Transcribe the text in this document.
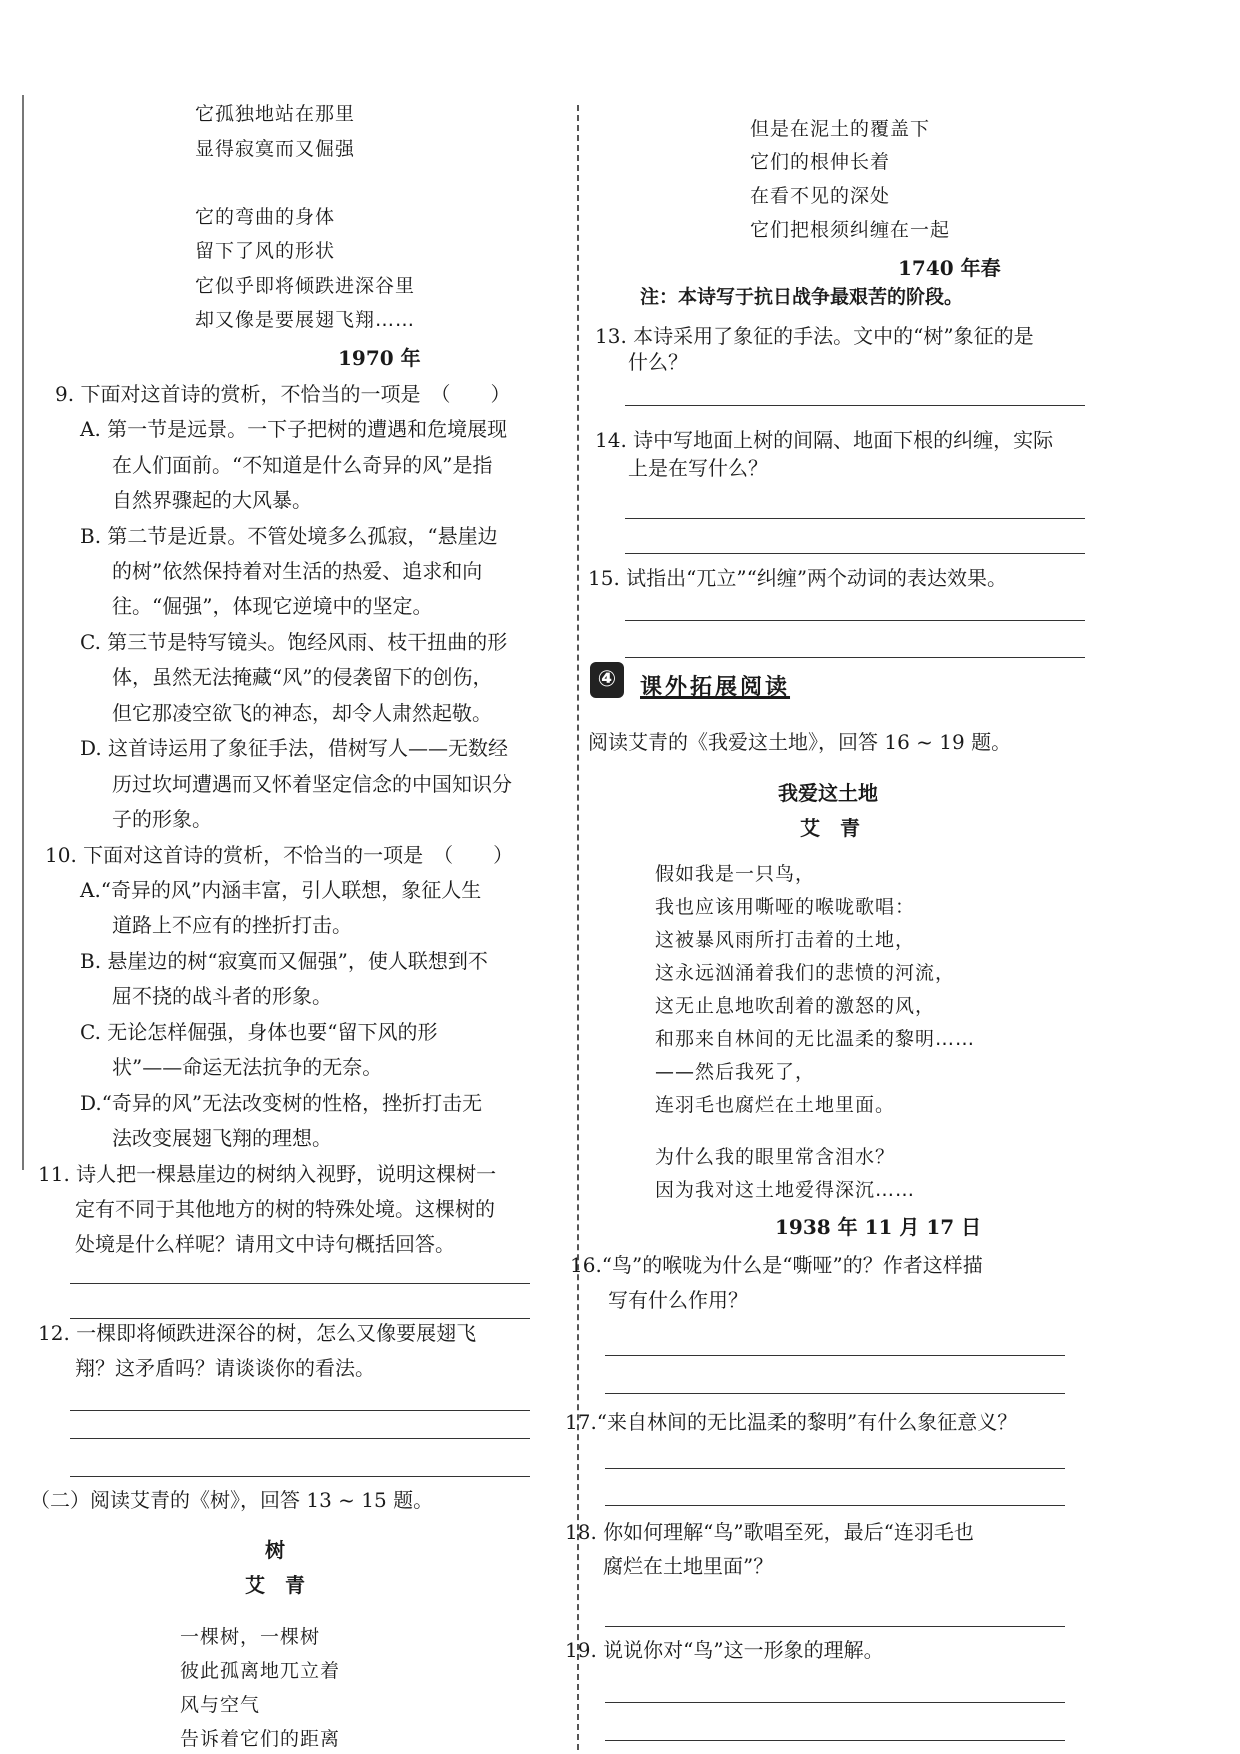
它孤独地站在那里
显得寂寞而又倔强
它的弯曲的身体
留下了风的形状
它似乎即将倾跌进深谷里
却又像是要展翅飞翔……
1970 年
9. 下面对这首诗的赏析，不恰当的一项是　（　　）
A. 第一节是远景。一下子把树的遭遇和危境展现
在人们面前。“不知道是什么奇异的风”是指
自然界骤起的大风暴。
B. 第二节是近景。不管处境多么孤寂，“悬崖边
的树”依然保持着对生活的热爱、追求和向
往。“倔强”，体现它逆境中的坚定。
C. 第三节是特写镜头。饱经风雨、枝干扭曲的形
体，虽然无法掩藏“风”的侵袭留下的创伤，
但它那凌空欲飞的神态，却令人肃然起敬。
D. 这首诗运用了象征手法，借树写人——无数经
历过坎坷遭遇而又怀着坚定信念的中国知识分
子的形象。
10. 下面对这首诗的赏析，不恰当的一项是　（　　）
A.“奇异的风”内涵丰富，引人联想，象征人生
道路上不应有的挫折打击。
B. 悬崖边的树“寂寞而又倔强”，使人联想到不
屈不挠的战斗者的形象。
C. 无论怎样倔强，身体也要“留下风的形
状”——命运无法抗争的无奈。
D.“奇异的风”无法改变树的性格，挫折打击无
法改变展翅飞翔的理想。
11. 诗人把一棵悬崖边的树纳入视野，说明这棵树一
定有不同于其他地方的树的特殊处境。这棵树的
处境是什么样呢？请用文中诗句概括回答。
12. 一棵即将倾跌进深谷的树，怎么又像要展翅飞
翔？这矛盾吗？请谈谈你的看法。
（二）阅读艾青的《树》，回答 13 ~ 15 题。
树
艾　青
一棵树，一棵树
彼此孤离地兀立着
风与空气
告诉着它们的距离
但是在泥土的覆盖下
它们的根伸长着
在看不见的深处
它们把根须纠缠在一起
1740 年春
注：本诗写于抗日战争最艰苦的阶段。
13. 本诗采用了象征的手法。文中的“树”象征的是
什么？
14. 诗中写地面上树的间隔、地面下根的纠缠，实际
上是在写什么？
15. 试指出“兀立”“纠缠”两个动词的表达效果。
④	课外拓展阅读
阅读艾青的《我爱这土地》，回答 16 ~ 19 题。
我爱这土地
艾　青
假如我是一只鸟，
我也应该用嘶哑的喉咙歌唱：
这被暴风雨所打击着的土地，
这永远汹涌着我们的悲愤的河流，
这无止息地吹刮着的激怒的风，
和那来自林间的无比温柔的黎明……
——然后我死了，
连羽毛也腐烂在土地里面。
为什么我的眼里常含泪水？
因为我对这土地爱得深沉……
1938 年 11 月 17 日
16.“鸟”的喉咙为什么是“嘶哑”的？作者这样描
写有什么作用？
17.“来自林间的无比温柔的黎明”有什么象征意义？
18. 你如何理解“鸟”歌唱至死，最后“连羽毛也
腐烂在土地里面”？
19. 说说你对“鸟”这一形象的理解。
